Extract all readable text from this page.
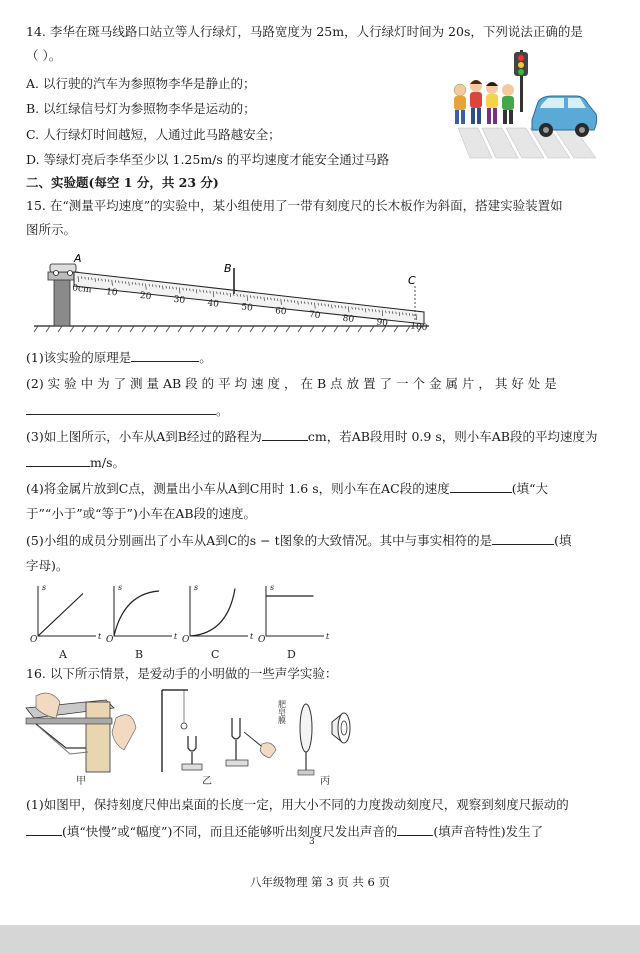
14. 李华在斑马线路口站立等人行绿灯，马路宽度为 25m，人行绿灯时间为 20s，下列说法正确的是
（ ）。
A. 以行驶的汽车为参照物李华是静止的；
B. 以红绿信号灯为参照物李华是运动的；
C. 人行绿灯时间越短，人通过此马路越安全；
D. 等绿灯亮后李华至少以 1.25m/s 的平均速度才能安全通过马路
二、实验题(每空 1 分，共 23 分)
15. 在“测量平均速度”的实验中，某小组使用了一带有刻度尺的长木板作为斜面，搭建实验装置如
图所示。
A
B
C
0cm 10 20 30 40 50 60 70 80 90 100
(1)该实验的原理是	。
(2) 实 验 中 为 了 测 量 AB 段 的 平 均 速 度 ， 在 B 点 放 置 了 一 个 金 属 片 ， 其 好 处 是
。
(3)如上图所示，小车从A到B经过的路程为	cm，若AB段用时 0.9 s，则小车AB段的平均速度为
m/s。
(4)将金属片放到C点，测量出小车从A到C用时 1.6 s，则小车在AC段的速度	(填“大
于”“小于”或“等于”)小车在AB段的速度。
(5)小组的成员分别画出了小车从A到C的s − t图象的大致情况。其中与事实相符的是	(填
字母)。
s
t
O
A
s
t
O
B
s
t
O
C
s
t
O
D
16. 以下所示情景，是爱动手的小明做的一些声学实验：
肥皂膜
甲	乙	丙
(1)如图甲，保持刻度尺伸出桌面的长度一定，用大小不同的力度拨动刻度尺，观察到刻度尺振动的
(填“快慢”或“幅度”)不同，而且还能够听出刻度尺发出声音的	(填声音特性)发生了
3
八年级物理 第 3 页 共 6 页
